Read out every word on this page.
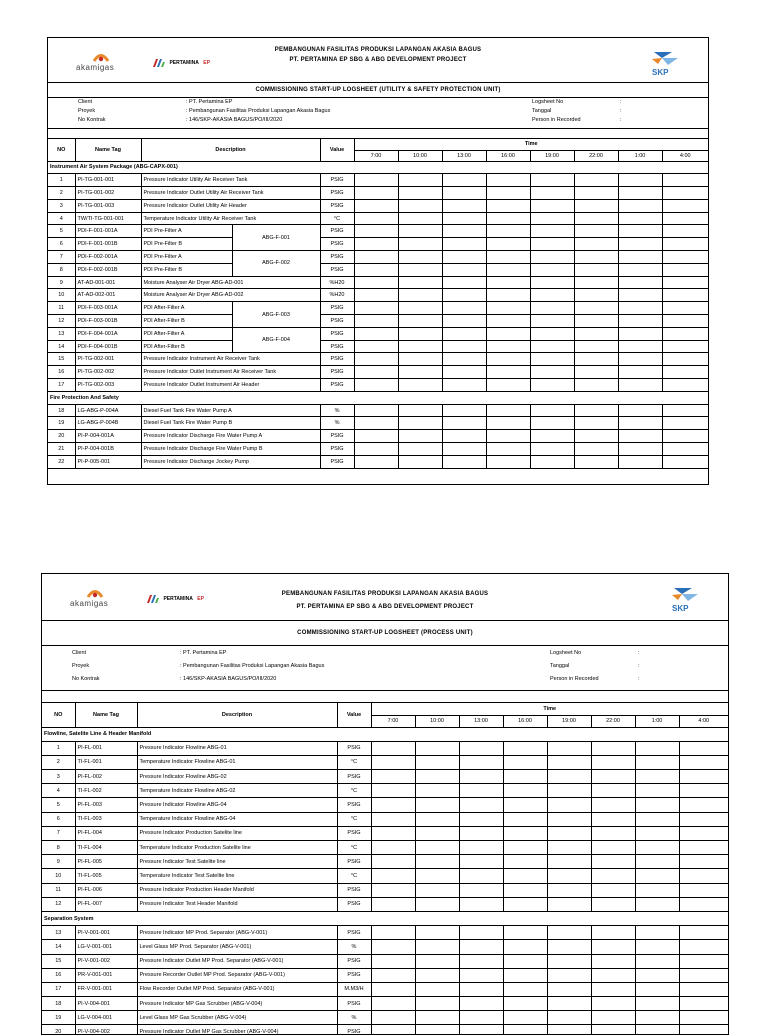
akamigas
PERTAMINA EP
PEMBANGUNAN FASILITAS PRODUKSI LAPANGAN AKASIA BAGUS
PT. PERTAMINA EP SBG & ABG DEVELOPMENT PROJECT
SKP
COMMISSIONING START-UP LOGSHEET (UTILITY & SAFETY PROTECTION UNIT)
Client	: PT. Pertamina EP
Proyek	: Pembangunan Fasilitas Produksi Lapangan Akasia Bagus
No Kontrak	: 146/SKP-AKASIA BAGUS/PO/III/2020
Logsheet No	:
Tanggal	:
Person in Recorded	:
NO	Name Tag	Description		Value	Time							
					7:00	10:00	13:00	16:00	19:00	22:00	1:00	4:00
Instrument Air System Package (ABG-CAPX-001)												
1	PI-TG-001-001	Pressure Indicator Utility Air Receiver Tank		PSIG								
2	PI-TG-001-002	Pressure Indicator Outlet Utility Air Receiver Tank		PSIG								
3	PI-TG-001-003	Pressure Indicator Outlet Utility Air Header		PSIG								
4	TW/TI-TG-001-001	Temperature Indicator Utility Air Receiver Tank		°C								
5	PDI-F-001-001A	PDI Pre-Filter A	ABG-F-001	PSIG								
6	PDI-F-001-001B	PDI Pre-Filter B		PSIG								
7	PDI-F-002-001A	PDI Pre-Filter A	ABG-F-002	PSIG								
8	PDI-F-002-001B	PDI Pre-Filter B		PSIG								
9	AT-AD-001-001	Moisture Analyser Air Dryer ABG-AD-001		%H20								
10	AT-AD-002-001	Moisture Analyser Air Dryer ABG-AD-002		%H20								
11	PDI-F-003-001A	PDI After-Filter A	ABG-F-003	PSIG								
12	PDI-F-003-001B	PDI After-Filter B		PSIG								
13	PDI-F-004-001A	PDI After-Filter A	ABG-F-004	PSIG								
14	PDI-F-004-001B	PDI After-Filter B		PSIG								
15	PI-TG-002-001	Pressure Indicator Instrument Air Receiver Tank		PSIG								
16	PI-TG-002-002	Pressure Indicator Outlet Instrument Air Receiver Tank		PSIG								
17	PI-TG-002-003	Pressure Indicator Outlet Instrument Air Header		PSIG								
Fire Protection And Safety												
18	LG-ABG-P-004A	Diesel Fuel Tank Fire Water Pump A		%								
19	LG-ABG-P-004B	Diesel Fuel Tank Fire Water Pump B		%								
20	PI-P-004-001A	Pressure Indicator Discharge Fire Water Pump A		PSIG								
21	PI-P-004-001B	Pressure Indicator Discharge Fire Water Pump B		PSIG								
22	PI-P-005-001	Pressure Indicator Discharge Jockey Pump		PSIG								
akamigas
PERTAMINA EP
PEMBANGUNAN FASILITAS PRODUKSI LAPANGAN AKASIA BAGUS
PT. PERTAMINA EP SBG & ABG DEVELOPMENT PROJECT	SKP
COMMISSIONING START-UP LOGSHEET (PROCESS UNIT)
Client	: PT. Pertamina EP
Proyek	: Pembangunan Fasilitas Produksi Lapangan Akasia Bagus
No Kontrak	: 146/SKP-AKASIA BAGUS/PO/III/2020
Logsheet No	:
Tanggal	:
Person in Recorded	:
NO	Name Tag	Description	Value	Time							
				7:00	10:00	13:00	16:00	19:00	22:00	1:00	4:00
Flowline, Satelite Line & Header Manifold											
1	PI-FL-001	Pressure Indicator Flowline ABG-01	PSIG								
2	TI-FL-001	Temperature Indicator Flowline ABG-01	°C								
3	PI-FL-002	Pressure Indicator Flowline ABG-02	PSIG								
4	TI-FL-002	Temperature Indicator Flowline ABG-02	°C								
5	PI-FL-003	Pressure Indicator Flowline ABG-04	PSIG								
6	TI-FL-003	Temperature Indicator Flowline ABG-04	°C								
7	PI-FL-004	Pressure Indicator Production Satelite line	PSIG								
8	TI-FL-004	Temperature Indicator Production Satelite line	°C								
9	PI-FL-005	Pressure Indicator Test Satelite line	PSIG								
10	TI-FL-005	Temperature Indicator Test Satelite line	°C								
11	PI-FL-006	Pressure Indicator Production Header Manifold	PSIG								
12	PI-FL-007	Pressure Indicator Test Header Manifold	PSIG								
Separation System											
13	PI-V-001-001	Pressure Indicator MP Prod. Separator (ABG-V-001)	PSIG								
14	LG-V-001-001	Level Glass MP Prod. Separator (ABG-V-001)	%								
15	PI-V-001-002	Pressure Indicator Outlet MP Prod. Separator (ABG-V-001)	PSIG								
16	PR-V-001-001	Pressure Recorder Outlet MP Prod. Separator (ABG-V-001)	PSIG								
17	FR-V-001-001	Flow Recorder Outlet MP Prod. Separator (ABG-V-001)	M.M3/H								
18	PI-V-004-001	Pressure Indicator MP Gas Scrubber (ABG-V-004)	PSIG								
19	LG-V-004-001	Level Glass MP Gas Scrubber (ABG-V-004)	%								
20	PI-V-004-002	Pressure Indicator Outlet MP Gas Scrubber (ABG-V-004)	PSIG								
